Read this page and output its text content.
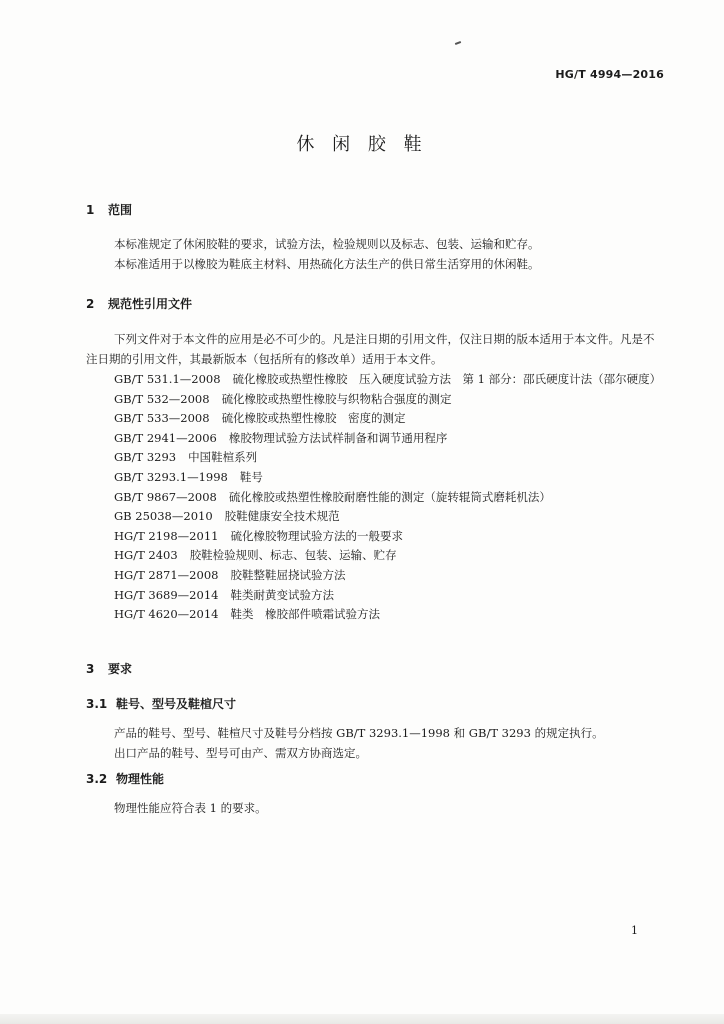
HG/T 4994—2016
休 闲 胶 鞋
1 范围

本标准规定了休闲胶鞋的要求，试验方法，检验规则以及标志、包装、运输和贮存。

本标准适用于以橡胶为鞋底主材料、用热硫化方法生产的供日常生活穿用的休闲鞋。

2 规范性引用文件

下列文件对于本文件的应用是必不可少的。凡是注日期的引用文件，仅注日期的版本适用于本文件。凡是不注日期的引用文件，其最新版本（包括所有的修改单）适用于本文件。

GB/T 531.1—2008 硫化橡胶或热塑性橡胶　压入硬度试验方法　第 1 部分：邵氏硬度计法（邵尔硬度）

GB/T 532—2008 硫化橡胶或热塑性橡胶与织物粘合强度的测定

GB/T 533—2008 硫化橡胶或热塑性橡胶　密度的测定

GB/T 2941—2006 橡胶物理试验方法试样制备和调节通用程序

GB/T 3293 中国鞋楦系列

GB/T 3293.1—1998 鞋号

GB/T 9867—2008 硫化橡胶或热塑性橡胶耐磨性能的测定（旋转辊筒式磨耗机法）

GB 25038—2010 胶鞋健康安全技术规范

HG/T 2198—2011 硫化橡胶物理试验方法的一般要求

HG/T 2403 胶鞋检验规则、标志、包装、运输、贮存

HG/T 2871—2008 胶鞋整鞋屈挠试验方法

HG/T 3689—2014 鞋类耐黄变试验方法

HG/T 4620—2014 鞋类　橡胶部件喷霜试验方法

3 要求
3.1 鞋号、型号及鞋楦尺寸

产品的鞋号、型号、鞋楦尺寸及鞋号分档按 GB/T 3293.1—1998 和 GB/T 3293 的规定执行。

出口产品的鞋号、型号可由产、需双方协商选定。

3.2 物理性能

物理性能应符合表 1 的要求。

1
